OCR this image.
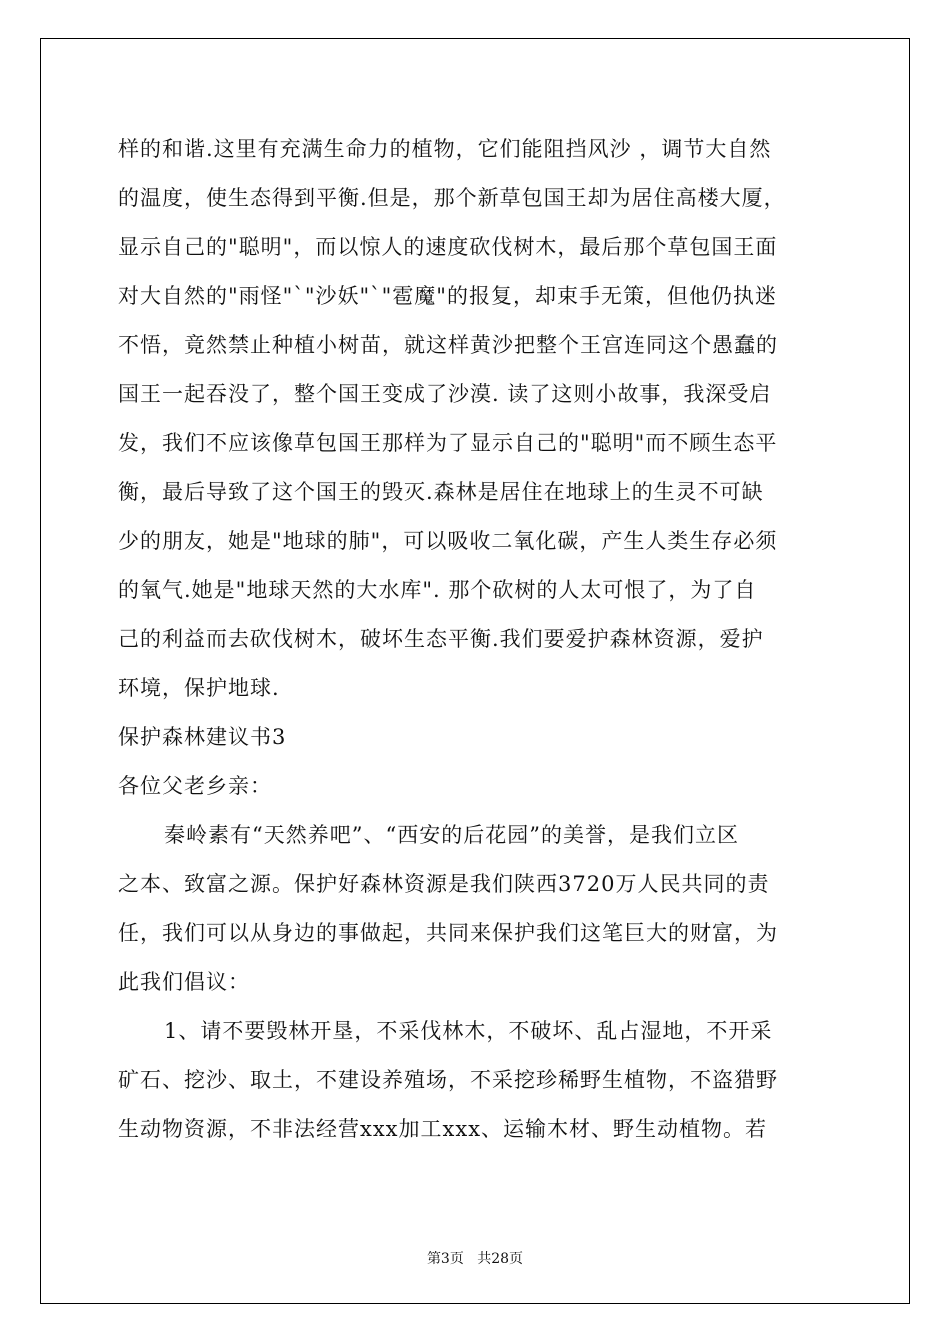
样的和谐.这里有充满生命力的植物，它们能阻挡风沙 ，调节大自然
的温度，使生态得到平衡.但是，那个新草包国王却为居住高楼大厦，
显示自己的"聪明"，而以惊人的速度砍伐树木，最后那个草包国王面
对大自然的"雨怪"`"沙妖"`"雹魔"的报复，却束手无策，但他仍执迷
不悟，竟然禁止种植小树苗，就这样黄沙把整个王宫连同这个愚蠢的
国王一起吞没了，整个国王变成了沙漠. 读了这则小故事，我深受启
发，我们不应该像草包国王那样为了显示自己的"聪明"而不顾生态平
衡，最后导致了这个国王的毁灭.森林是居住在地球上的生灵不可缺
少的朋友，她是"地球的肺"，可以吸收二氧化碳，产生人类生存必须
的氧气.她是"地球天然的大水库". 那个砍树的人太可恨了，为了自
己的利益而去砍伐树木，破坏生态平衡.我们要爱护森林资源，爱护
环境，保护地球.
保护森林建议书3
各位父老乡亲：
秦岭素有“天然养吧”、“西安的后花园”的美誉，是我们立区
之本、致富之源。保护好森林资源是我们陕西3720万人民共同的责
任，我们可以从身边的事做起，共同来保护我们这笔巨大的财富，为
此我们倡议：
1、请不要毁林开垦，不采伐林木，不破坏、乱占湿地，不开采
矿石、挖沙、取土，不建设养殖场，不采挖珍稀野生植物，不盗猎野
生动物资源，不非法经营xxx加工xxx、运输木材、野生动植物。若
第3页 共28页
